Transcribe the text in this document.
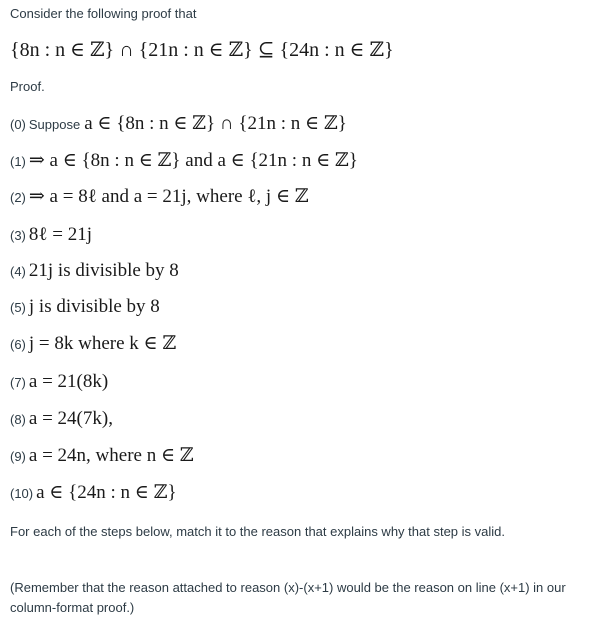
Consider the following proof that
{8n : n ∈ ℤ} ∩ {21n : n ∈ ℤ} ⊆ {24n : n ∈ ℤ}
Proof.
(0) Suppose a ∈ {8n : n ∈ ℤ} ∩ {21n : n ∈ ℤ}
(1) ⇒ a ∈ {8n : n ∈ ℤ} and a ∈ {21n : n ∈ ℤ}
(2) ⇒ a = 8ℓ and a = 21j, where ℓ, j ∈ ℤ
(3) 8ℓ = 21j
(4) 21j is divisible by 8
(5) j is divisible by 8
(6) j = 8k where k ∈ ℤ
(7) a = 21(8k)
(8) a = 24(7k),
(9) a = 24n, where n ∈ ℤ
(10) a ∈ {24n : n ∈ ℤ}
For each of the steps below, match it to the reason that explains why that step is valid.
(Remember that the reason attached to reason (x)-(x+1) would be the reason on line (x+1) in our column-format proof.)
